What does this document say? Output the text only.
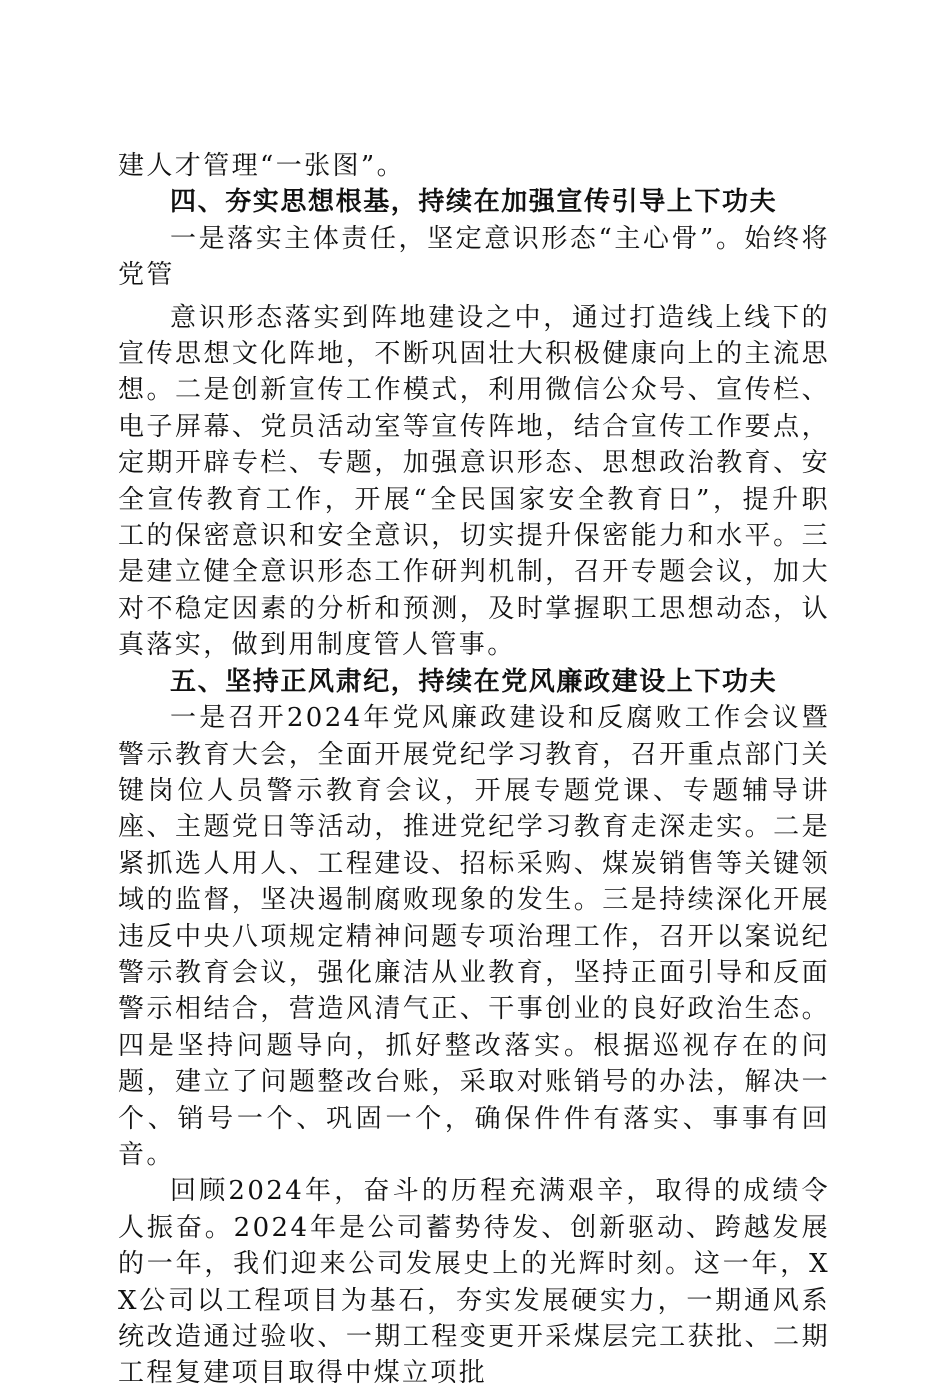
建人才管理“一张图”。

四、夯实思想根基，持续在加强宣传引导上下功夫

一是落实主体责任，坚定意识形态“主心骨”。始终将党管

意识形态落实到阵地建设之中，通过打造线上线下的宣传思想文化阵地，不断巩固壮大积极健康向上的主流思想。二是创新宣传工作模式，利用微信公众号、宣传栏、电子屏幕、党员活动室等宣传阵地，结合宣传工作要点，定期开辟专栏、专题，加强意识形态、思想政治教育、安全宣传教育工作，开展“全民国家安全教育日”，提升职工的保密意识和安全意识，切实提升保密能力和水平。三是建立健全意识形态工作研判机制，召开专题会议，加大对不稳定因素的分析和预测，及时掌握职工思想动态，认真落实，做到用制度管人管事。

五、坚持正风肃纪，持续在党风廉政建设上下功夫

一是召开2024年党风廉政建设和反腐败工作会议暨警示教育大会，全面开展党纪学习教育，召开重点部门关键岗位人员警示教育会议，开展专题党课、专题辅导讲座、主题党日等活动，推进党纪学习教育走深走实。二是紧抓选人用人、工程建设、招标采购、煤炭销售等关键领域的监督，坚决遏制腐败现象的发生。三是持续深化开展违反中央八项规定精神问题专项治理工作，召开以案说纪警示教育会议，强化廉洁从业教育，坚持正面引导和反面警示相结合，营造风清气正、干事创业的良好政治生态。四是坚持问题导向，抓好整改落实。根据巡视存在的问题，建立了问题整改台账，采取对账销号的办法，解决一个、销号一个、巩固一个，确保件件有落实、事事有回音。

回顾2024年，奋斗的历程充满艰辛，取得的成绩令人振奋。2024年是公司蓄势待发、创新驱动、跨越发展的一年，我们迎来公司发展史上的光辉时刻。这一年，XX公司以工程项目为基石，夯实发展硬实力，一期通风系统改造通过验收、一期工程变更开采煤层完工获批、二期工程复建项目取得中煤立项批
